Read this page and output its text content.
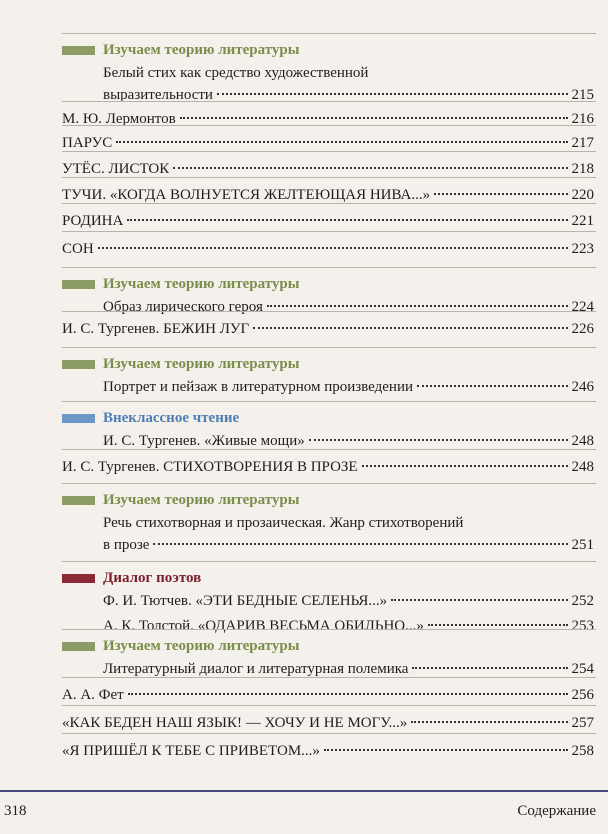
318	Содержание
Изучаем теорию литературы
Белый стих как средство художественной
выразительности	215
М. Ю. Лермонтов	216
ПАРУС	217
УТЁС. ЛИСТОК	218
ТУЧИ. «КОГДА ВОЛНУЕТСЯ ЖЕЛТЕЮЩАЯ НИВА...»	220
РОДИНА	221
СОН	223
Изучаем теорию литературы
Образ лирического героя	224
И. С. Тургенев. БЕЖИН ЛУГ	226
Изучаем теорию литературы
Портрет и пейзаж в литературном произведении	246
Внеклассное чтение
И. С. Тургенев. «Живые мощи»	248
И. С. Тургенев. СТИХОТВОРЕНИЯ В ПРОЗЕ	248
Изучаем теорию литературы
Речь стихотворная и прозаическая. Жанр стихотворений
в прозе	251
Диалог поэтов
Ф. И. Тютчев. «ЭТИ БЕДНЫЕ СЕЛЕНЬЯ...»	252
А. К. Толстой. «ОДАРИВ ВЕСЬМА ОБИЛЬНО...»	253
Изучаем теорию литературы
Литературный диалог и литературная полемика	254
А. А. Фет	256
«КАК БЕДЕН НАШ ЯЗЫК! — ХОЧУ И НЕ МОГУ...»	257
«Я ПРИШЁЛ К ТЕБЕ С ПРИВЕТОМ...»	258
